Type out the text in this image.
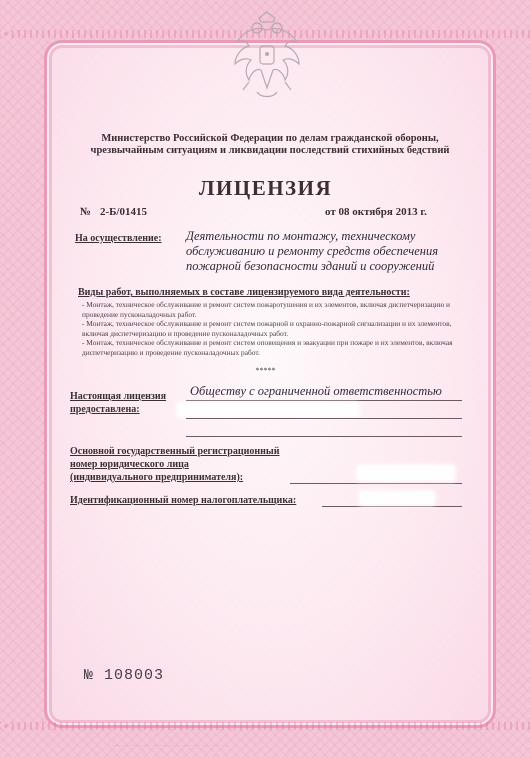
Министерство Российской Федерации по делам гражданской обороны,
чрезвычайным ситуациям и ликвидации последствий стихийных бедствий
ЛИЦЕНЗИЯ
№ 2-Б/01415	от 08 октября 2013 г.
На осуществление: Деятельности по монтажу, техническому
обслуживанию и ремонту средств обеспечения
пожарной безопасности зданий и сооружений
Виды работ, выполняемых в составе лицензируемого вида деятельности:
- Монтаж, техническое обслуживание и ремонт систем пожаротушения и их элементов, включая диспетчеризацию и проведение пусконаладочных работ.
- Монтаж, техническое обслуживание и ремонт систем пожарной и охранно-пожарной сигнализации и их элементов, включая диспетчеризацию и проведение пусконаладочных работ.
- Монтаж, техническое обслуживание и ремонт систем оповещения и эвакуации при пожаре и их элементов, включая диспетчеризацию и проведение пусконаладочных работ.
*****
Настоящая лицензия
предоставлена:
Обществу с ограниченной ответственностью
Основной государственный регистрационный
номер юридического лица
(индивидуального предпринимателя):
Идентификационный номер налогоплательщика:
№ 108003
· · · · · · · · · · · · · · · · · · · · · · · · · · · · · · · · · · · · · · · · · · · · · · · · · · · · · · · · · · · · · · · ·
